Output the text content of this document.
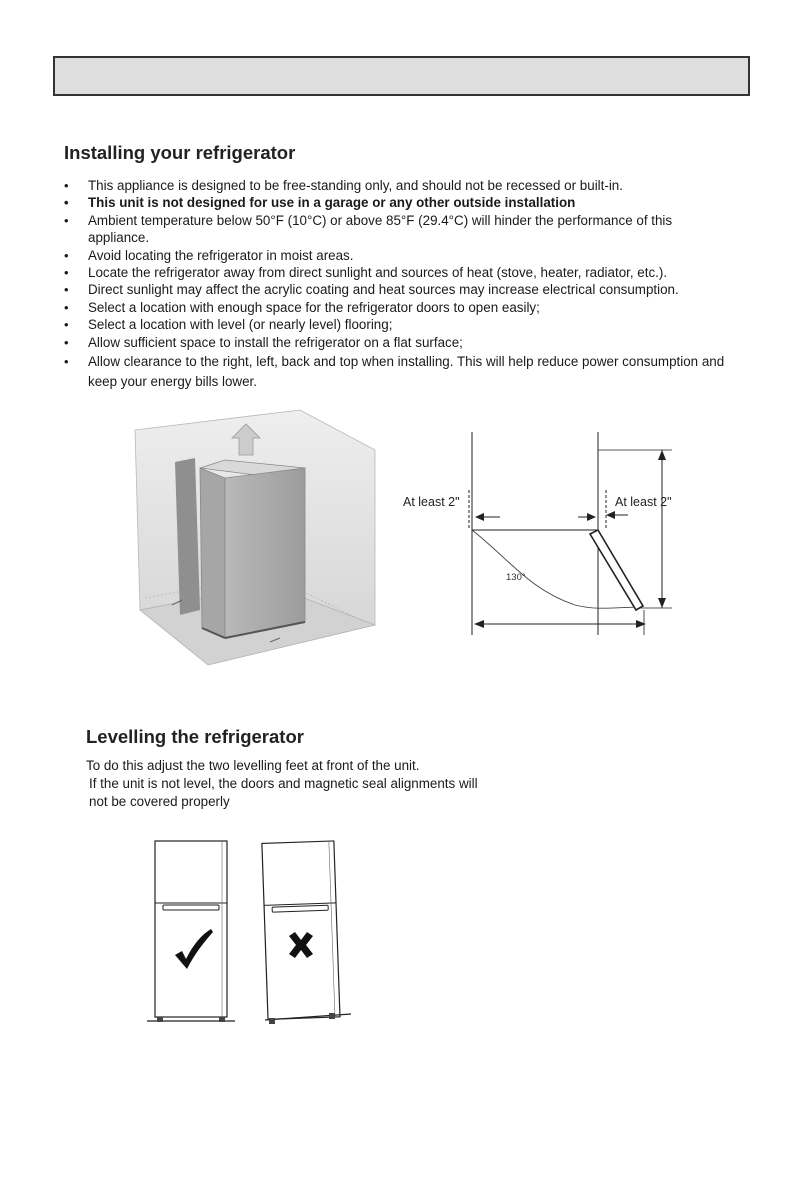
Installing your refrigerator
• This appliance is designed to be free-standing only, and should not be recessed or built-in.
• This unit is not designed for use in a garage or any other outside installation
• Ambient temperature below 50°F (10°C) or above 85°F (29.4°C) will hinder the performance of this appliance.
• Avoid locating the refrigerator in moist areas.
• Locate the refrigerator away from direct sunlight and sources of heat (stove, heater, radiator, etc.).
• Direct sunlight may affect the acrylic coating and heat sources may increase electrical consumption.
• Select a location with enough space for the refrigerator doors to open easily;
• Select a location with level (or nearly level) flooring;
• Allow sufficient space to install the refrigerator on a flat surface;
• Allow clearance to the right, left, back and top when installing. This will help reduce power consumption and keep your energy bills lower.
At least 2"	At least 2"
130°
Levelling the refrigerator

To do this adjust the two levelling feet at front of the unit.

If the unit is not level, the doors and magnetic seal alignments will

not be covered properly
